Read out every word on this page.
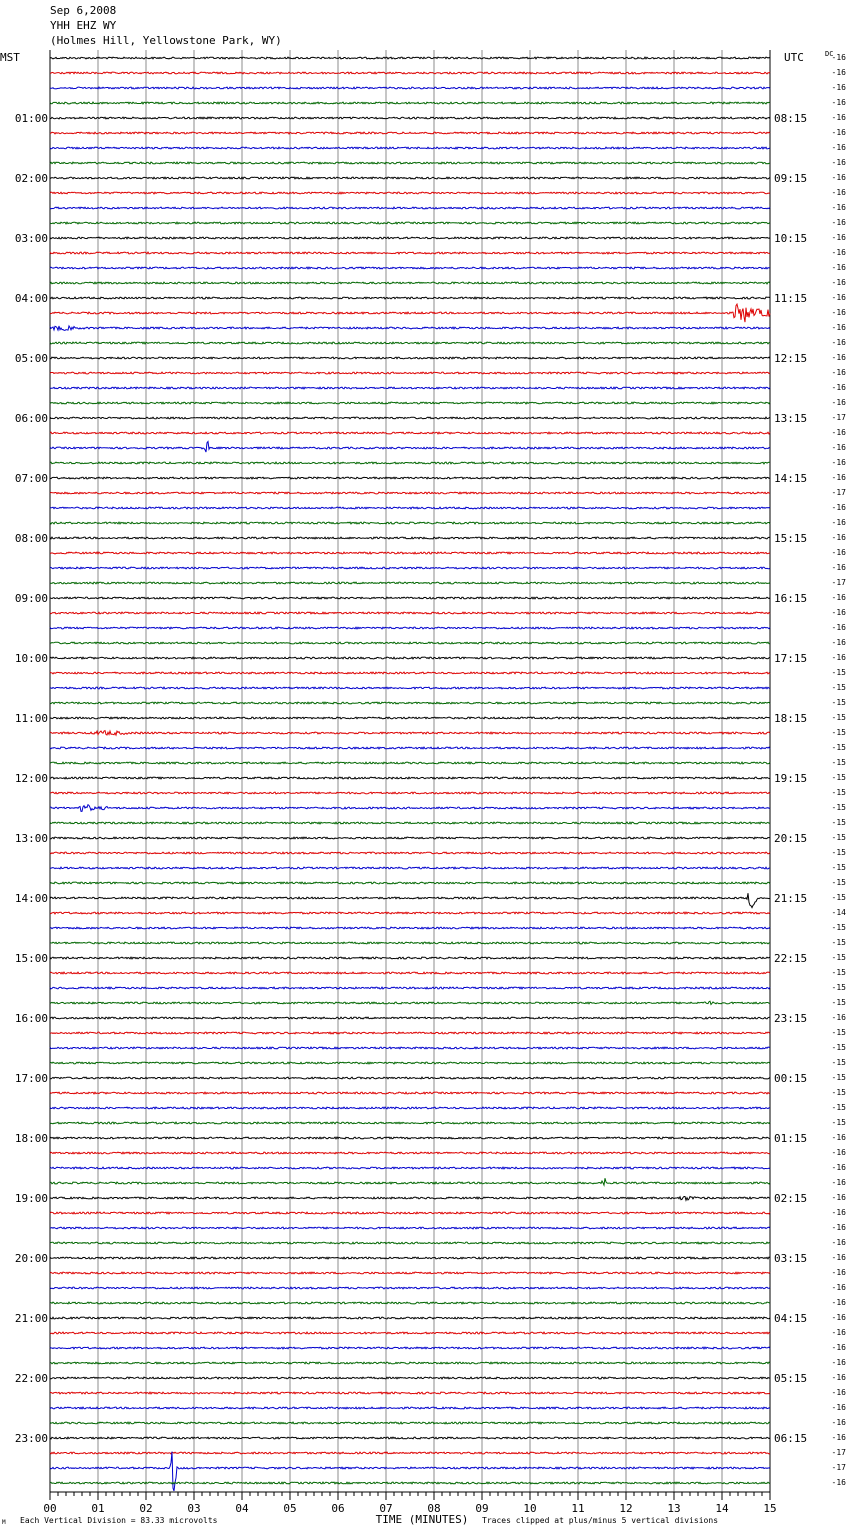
Sep 6,2008
YHH EHZ WY
(Holmes Hill, Yellowstone Park, WY)
MST
01:00
02:00
03:00
04:00
05:00
06:00
07:00
08:00
09:00
10:00
11:00
12:00
13:00
14:00
15:00
16:00
17:00
18:00
19:00
20:00
21:00
22:00
23:00
UTC
08:15
09:15
10:15
11:15
12:15
13:15
14:15
15:15
16:15
17:15
18:15
19:15
20:15
21:15
22:15
23:15
00:15
01:15
02:15
03:15
04:15
05:15
06:15
DC
-16
-16
-16
-16
-16
-16
-16
-16
-16
-16
-16
-16
-16
-16
-16
-16
-16
-16
-16
-16
-16
-16
-16
-16
-17
-16
-16
-16
-16
-17
-16
-16
-16
-16
-16
-17
-16
-16
-16
-16
-16
-15
-15
-15
-15
-15
-15
-15
-15
-15
-15
-15
-15
-15
-15
-15
-15
-14
-15
-15
-15
-15
-15
-15
-16
-15
-15
-15
-15
-15
-15
-15
-16
-16
-16
-16
-16
-16
-16
-16
-16
-16
-16
-16
-16
-16
-16
-16
-16
-16
-16
-16
-16
-17
-17
-16
00	01	02	03	04	05	06	07	08	09	10	11	12	13	14	15
M Each Vertical Division = 83.33 microvolts	TIME (MINUTES) Traces clipped at plus/minus 5 vertical divisions
